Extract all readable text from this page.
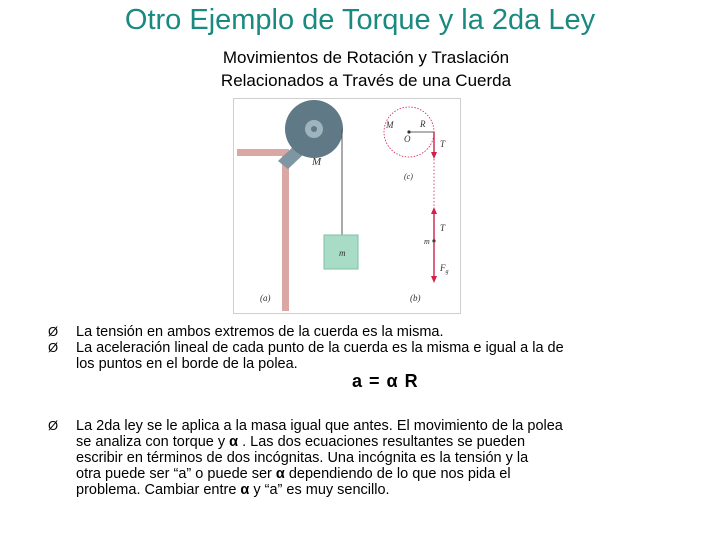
Otro Ejemplo de Torque y la 2da Ley
Movimientos de Rotación y Traslación
Relacionados a Través de una Cuerda
m
M
(a)
M
O
R
T
(c)
T
m
$F_g$
(b)
Ø La tensión en ambos extremos de la cuerda es la misma.
Ø La aceleración lineal de cada punto de la cuerda es la misma e igual a la de
los puntos en el borde de la polea.
Ø La 2da ley se le aplica a la masa igual que antes. El movimiento de la polea
se analiza con torque y α . Las dos ecuaciones resultantes se pueden
escribir en términos de dos incógnitas. Una incógnita es la tensión y la
otra puede ser “a” o puede ser α dependiendo de lo que nos pida el
problema. Cambiar entre α y “a” es muy sencillo.
a = α R
